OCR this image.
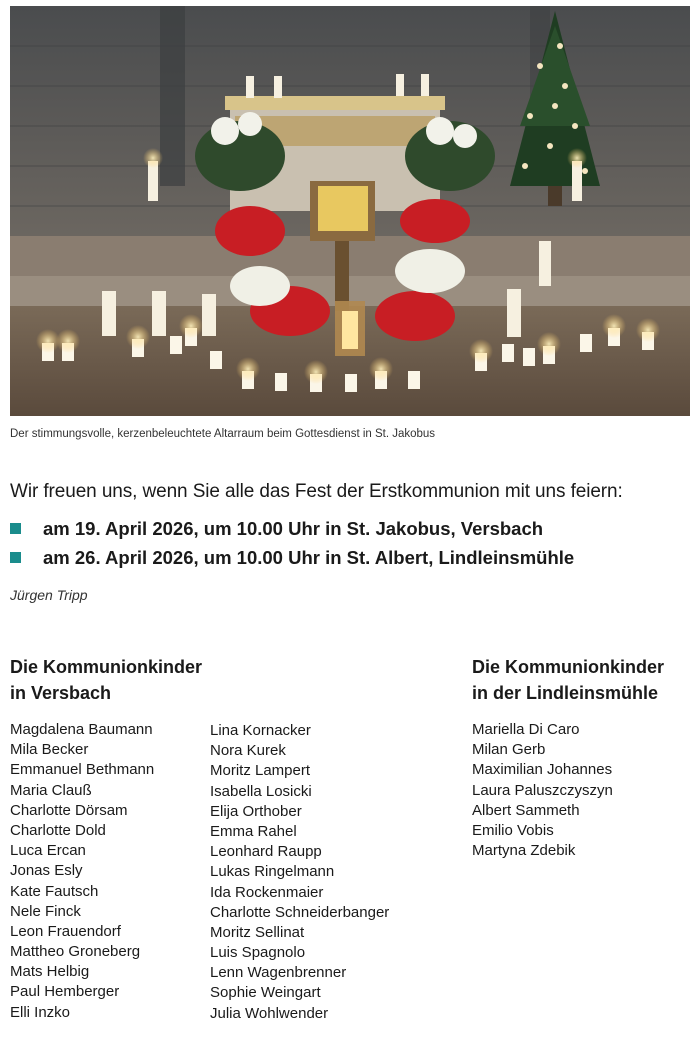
Der stimmungsvolle, kerzenbeleuchtete Altarraum beim Gottesdienst in St. Jakobus
Wir freuen uns, wenn Sie alle das Fest der Erstkommunion mit uns feiern:
am 19. April 2026, um 10.00 Uhr in St. Jakobus, Versbach
am 26. April 2026, um 10.00 Uhr in St. Albert, Lindleinsmühle
Jürgen Tripp
Die Kommunionkinder
in Versbach
Die Kommunionkinder
in der Lindleinsmühle
Magdalena Baumann
Mila Becker
Emmanuel Bethmann
Maria Clauß
Charlotte Dörsam
Charlotte Dold
Luca Ercan
Jonas Esly
Kate Fautsch
Nele Finck
Leon Frauendorf
Mattheo Groneberg
Mats Helbig
Paul Hemberger
Elli Inzko
Lina Kornacker
Nora Kurek
Moritz Lampert
Isabella Losicki
Elija Orthober
Emma Rahel
Leonhard Raupp
Lukas Ringelmann
Ida Rockenmaier
Charlotte Schneiderbanger
Moritz Sellinat
Luis Spagnolo
Lenn Wagenbrenner
Sophie Weingart
Julia Wohlwender
Mariella Di Caro
Milan Gerb
Maximilian Johannes
Laura Paluszczyszyn
Albert Sammeth
Emilio Vobis
Martyna Zdebik
